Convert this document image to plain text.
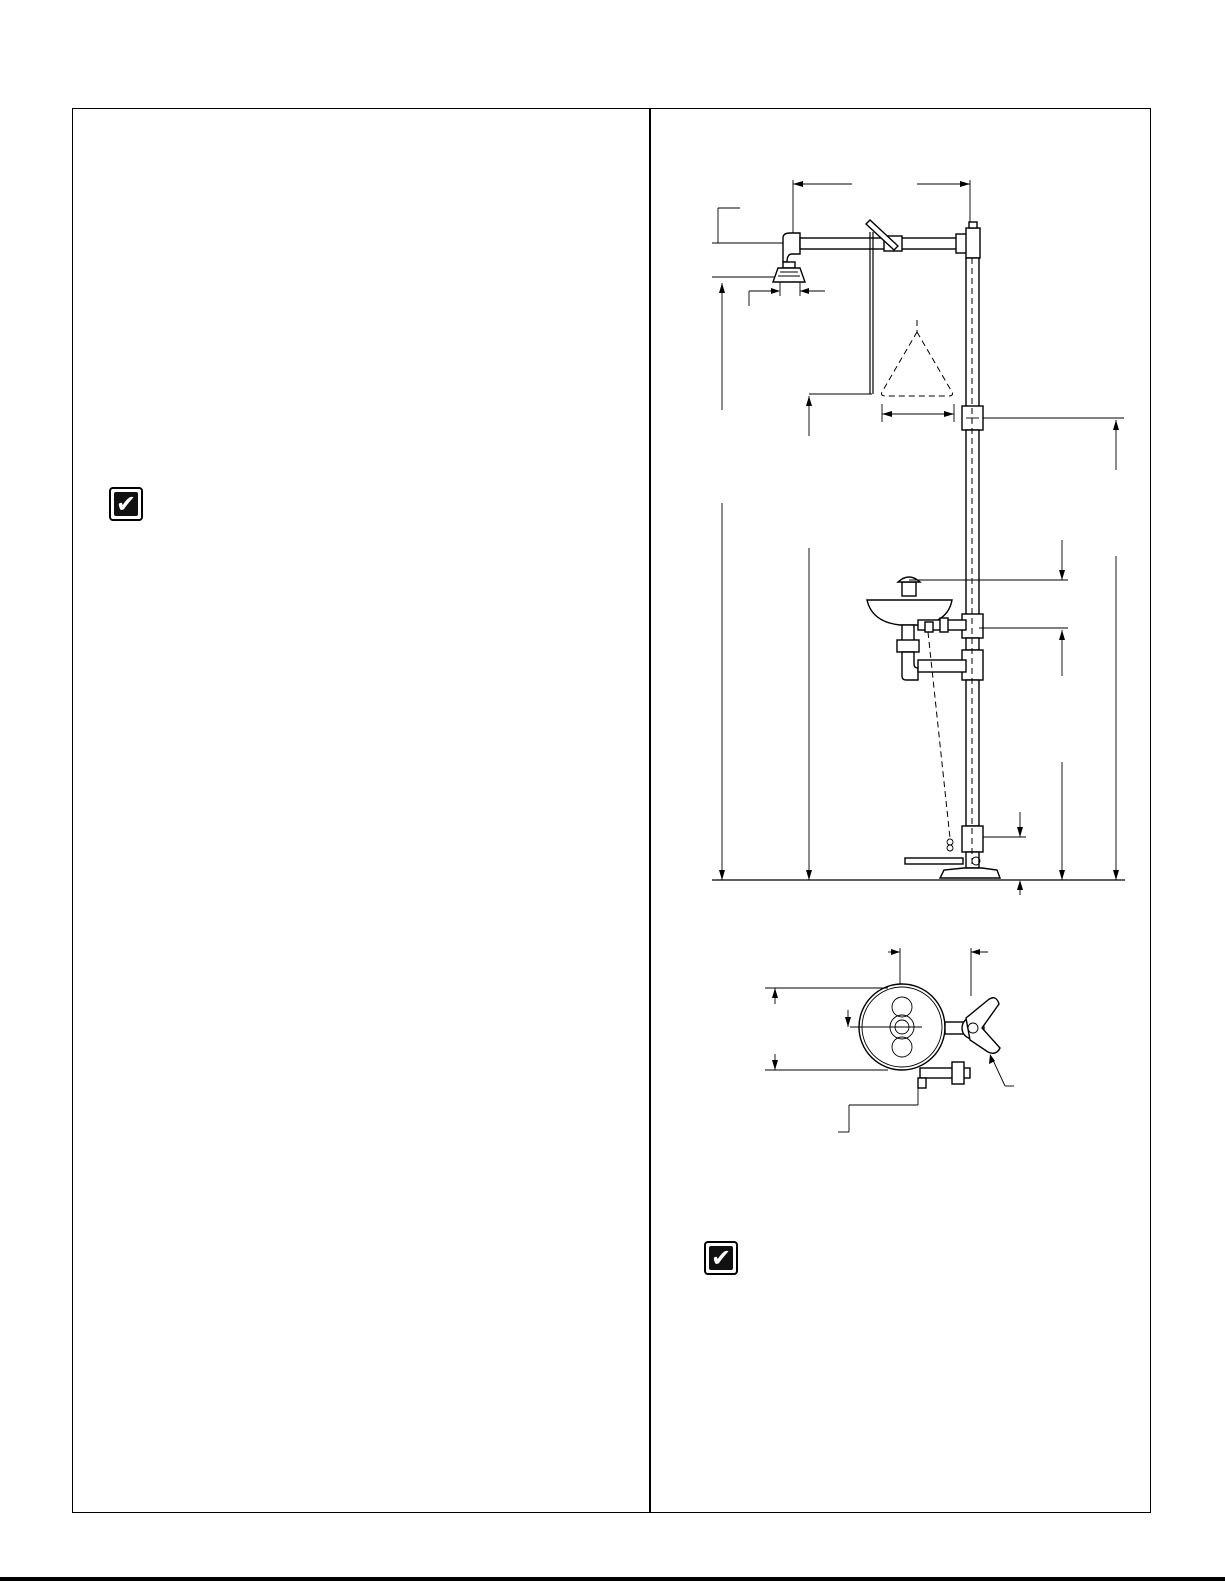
✔
✔
